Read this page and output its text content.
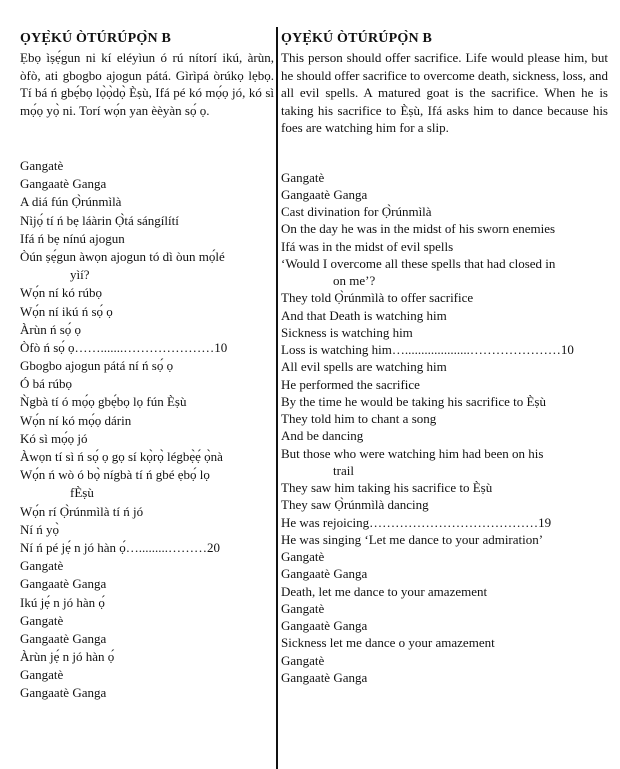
ỌYẸ̀KÚ ÒTÚRÚPỌ̀N B

Ẹbọ ìṣẹ́gun ni kí eléyìun ó rú nítorí ikú, àrùn, òfò, ati gbogbo ajogun pátá. Gìrìpá òrúkọ lẹbọ. Tí bá ń gbẹ́bọ lọ̀ọ̀dọ̀ Èṣù, Ifá pé kó mọ́ọ jó, kó sì mọ́ọ yọ̀ ni. Torí wọ́n yan èèyàn sọ́ ọ.

Gangatè
Gangaatè Ganga
A diá fún Ọ̀rúnmìlà
Nìjọ́ tí ń bẹ láàrin Ọ̀tá sángílítí
Ifá ń bẹ nínú ajogun
Òún ṣẹ́gun àwọn ajogun tó dì òun mọ́lé
yìí?
Wọ́n ní kó rúbọ
Wọ́n ní ikú ń sọ́ ọ
Àrùn ń sọ́ ọ
Òfò ń sọ́ ọ…….......…………………10
Gbogbo ajogun pátá ní ń sọ́ ọ
Ó bá rúbọ
Ǹgbà tí ó mọ́ọ gbẹ́bọ lọ fún Èṣù
Wọ́n ní kó mọ́ọ dárin
Kó sì mọ́ọ jó
Àwọn tí sì ń sọ́ ọ gọ sí kọ̀rọ̀ légbẹ̀ẹ́ ọ̀nà
Wọ́n ń wò ó bọ̀ nígbà tí ń gbé ẹbọ́ lọ
fÈṣù
Wọ́n rí Ọ̀rúnmìlà tí ń jó
Ní ń yọ̀
Ní ń pé jẹ́ n jó hàn ọ́….........………20
Gangatè
Gangaatè Ganga
Ikú jẹ́ n jó hàn ọ́
Gangatè
Gangaatè Ganga
Àrùn jẹ́ n jó hàn ọ́
Gangatè
Gangaatè Ganga
ỌYẸ̀KÚ ÒTÚRÚPỌ̀N B

This person should offer sacrifice. Life would please him, but he should offer sacrifice to overcome death, sickness, loss, and all evil spells. A matured goat is the sacrifice. When he is taking his sacrifice to Èṣù, Ifá asks him to dance because his foes are watching him for a slip.

Gangatè
Gangaatè Ganga
Cast divination for Ọ̀rúnmìlà
On the day he was in the midst of his sworn enemies
Ifá was in the midst of evil spells
‘Would I overcome all these spells that had closed in
on me’?
They told Ọ̀rúnmìlà to offer sacrifice
And that Death is watching him
Sickness is watching him
Loss is watching him…....................…………………10
All evil spells are watching him
He performed the sacrifice
By the time he would be taking his sacrifice to Èṣù
They told him to chant a song
And be dancing
But those who were watching him had been on his
trail
They saw him taking his sacrifice to Èṣù
They saw Ọ̀rúnmìlà dancing
He was rejoicing…………………………………19
He was singing ‘Let me dance to your admiration’
Gangatè
Gangaatè Ganga
Death, let me dance to your amazement
Gangatè
Gangaatè Ganga
Sickness let me dance o your amazement
Gangatè
Gangaatè Ganga
